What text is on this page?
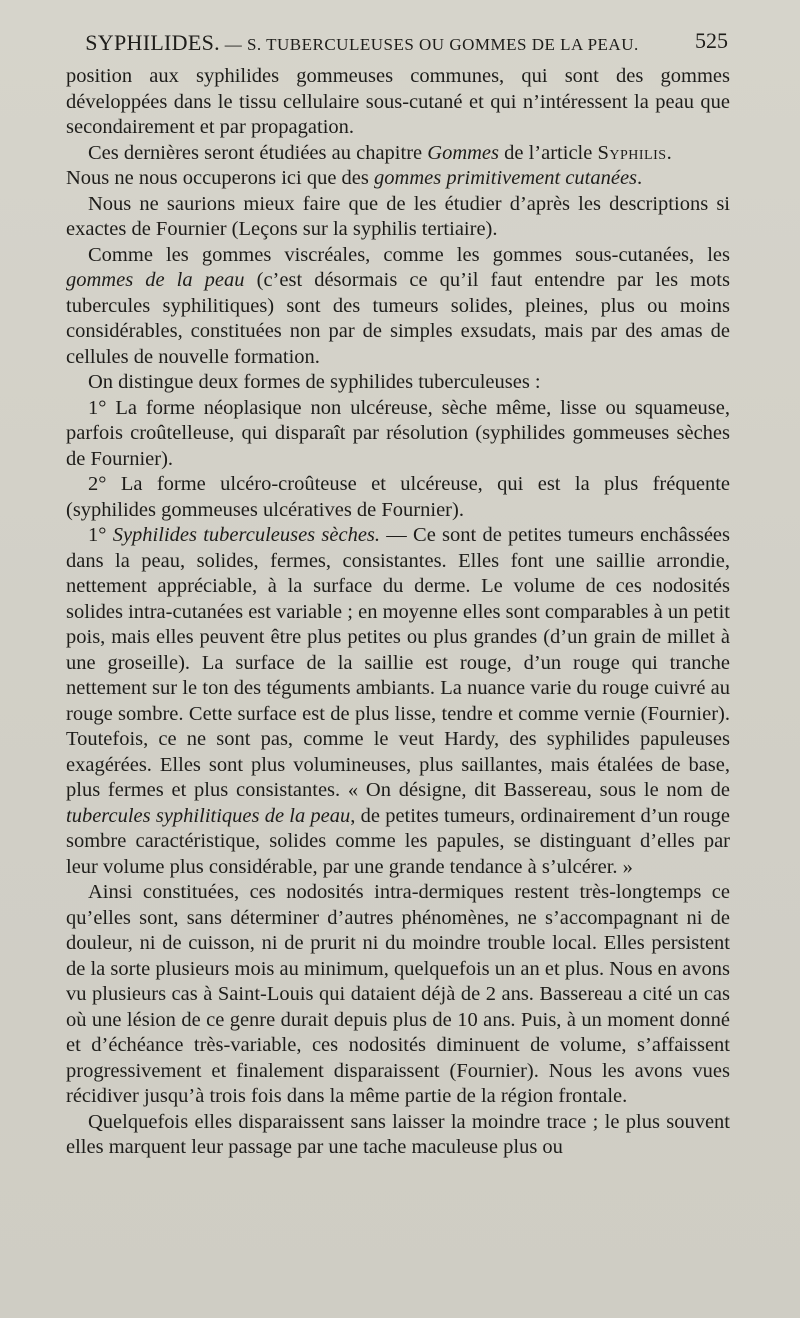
SYPHILIDES. — S. TUBERCULEUSES OU GOMMES DE LA PEAU.	525

position aux syphilides gommeuses communes, qui sont des gommes développées dans le tissu cellulaire sous-cutané et qui n’intéressent la peau que secondairement et par propagation.

Ces dernières seront étudiées au chapitre Gommes de l’article Syphilis.

Nous ne nous occuperons ici que des gommes primitivement cutanées.

Nous ne saurions mieux faire que de les étudier d’après les descriptions si exactes de Fournier (Leçons sur la syphilis tertiaire).

Comme les gommes viscréales, comme les gommes sous-cutanées, les gommes de la peau (c’est désormais ce qu’il faut entendre par les mots tubercules syphilitiques) sont des tumeurs solides, pleines, plus ou moins considérables, constituées non par de simples exsudats, mais par des amas de cellules de nouvelle formation.

On distingue deux formes de syphilides tuberculeuses :

1° La forme néoplasique non ulcéreuse, sèche même, lisse ou squameuse, parfois croûtelleuse, qui disparaît par résolution (syphilides gommeuses sèches de Fournier).

2° La forme ulcéro-croûteuse et ulcéreuse, qui est la plus fréquente (syphilides gommeuses ulcératives de Fournier).

1° Syphilides tuberculeuses sèches. — Ce sont de petites tumeurs enchâssées dans la peau, solides, fermes, consistantes. Elles font une saillie arrondie, nettement appréciable, à la surface du derme. Le volume de ces nodosités solides intra-cutanées est variable ; en moyenne elles sont comparables à un petit pois, mais elles peuvent être plus petites ou plus grandes (d’un grain de millet à une groseille). La surface de la saillie est rouge, d’un rouge qui tranche nettement sur le ton des téguments ambiants. La nuance varie du rouge cuivré au rouge sombre. Cette surface est de plus lisse, tendre et comme vernie (Fournier). Toutefois, ce ne sont pas, comme le veut Hardy, des syphilides papuleuses exagérées. Elles sont plus volumineuses, plus saillantes, mais étalées de base, plus fermes et plus consistantes. « On désigne, dit Bassereau, sous le nom de tubercules syphilitiques de la peau, de petites tumeurs, ordinairement d’un rouge sombre caractéristique, solides comme les papules, se distinguant d’elles par leur volume plus considérable, par une grande tendance à s’ulcérer. »

Ainsi constituées, ces nodosités intra-dermiques restent très-longtemps ce qu’elles sont, sans déterminer d’autres phénomènes, ne s’accompagnant ni de douleur, ni de cuisson, ni de prurit ni du moindre trouble local. Elles persistent de la sorte plusieurs mois au minimum, quelquefois un an et plus. Nous en avons vu plusieurs cas à Saint-Louis qui dataient déjà de 2 ans. Bassereau a cité un cas où une lésion de ce genre durait depuis plus de 10 ans. Puis, à un moment donné et d’échéance très-variable, ces nodosités diminuent de volume, s’affaissent progressivement et finalement disparaissent (Fournier). Nous les avons vues récidiver jusqu’à trois fois dans la même partie de la région frontale.

Quelquefois elles disparaissent sans laisser la moindre trace ; le plus souvent elles marquent leur passage par une tache maculeuse plus ou
